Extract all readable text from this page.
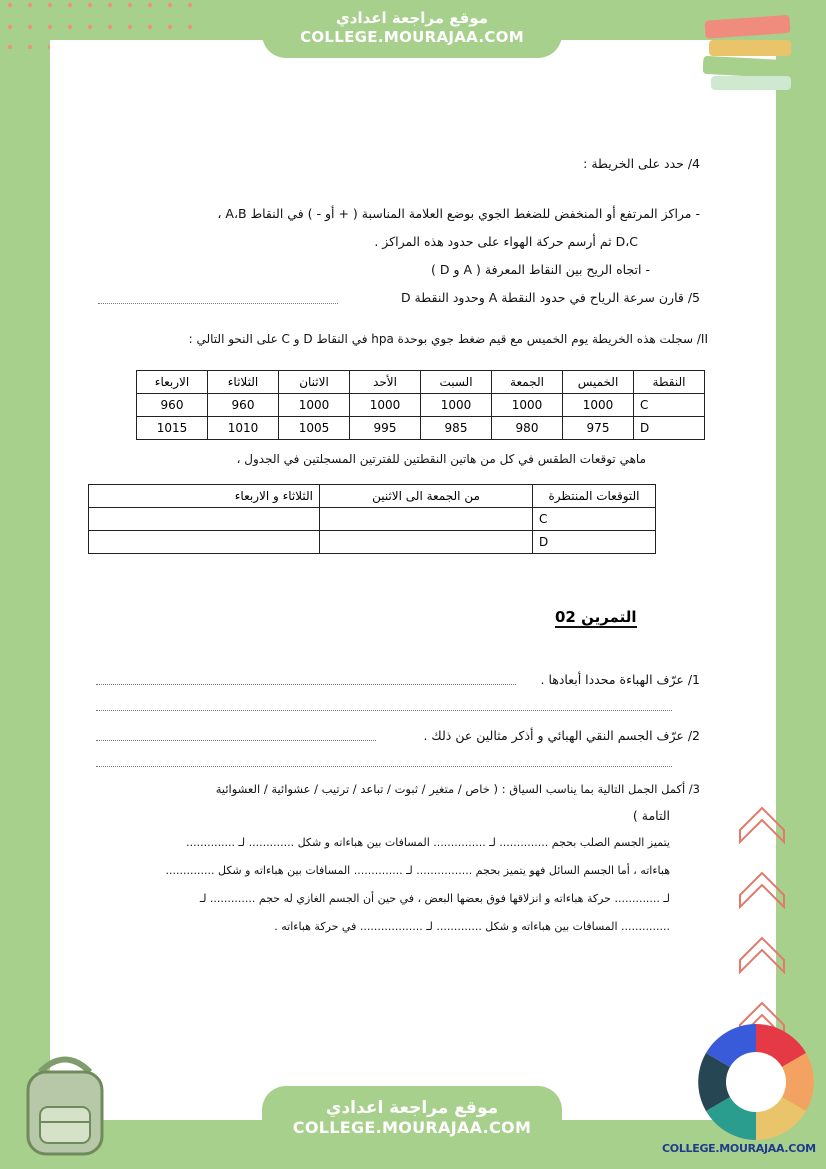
موقع مراجعة اعدادي
COLLEGE.MOURAJAA.COM
4/ حدد على الخريطة :
- مراكز المرتفع أو المنخفض للضغط الجوي بوضع العلامة المناسبة ( + أو - ) في النقاط A،B ،
D،C ثم أرسم حركة الهواء على حدود هذه المراكز .
- اتجاه الريح بين النقاط المعرفة ( A و D )
5/ قارن سرعة الرياح في حدود النقطة A وحدود النقطة D
II/ سجلت هذه الخريطة يوم الخميس مع قيم ضغط جوي بوحدة hpa في النقاط D و C على النحو التالي :
النقطة	الخميس	الجمعة	السبت	الأحد	الاثنان	الثلاثاء	الاربعاء
C	1000	1000	1000	1000	1000	960	960
D	975	980	985	995	1005	1010	1015
ماهي توقعات الطقس في كل من هاتين النقطتين للفترتين المسجلتين في الجدول ،
التوقعات المنتظرة	من الجمعة الى الاثنين	الثلاثاء و الاربعاء
C		
D		
التمرين 02
1/ عرّف الهباءة محددا أبعادها .
2/ عرّف الجسم النقي الهبائي و أذكر مثالين عن ذلك .
3/ أكمل الجمل التالية بما يناسب السياق : ( خاص / متغير / ثبوت / تباعد / ترتيب / عشوائية / العشوائية
التامة )
يتميز الجسم الصلب بحجم .............. لـ ............... المسافات بين هباءاته و شكل ............. لـ ..............
هباءاته ، أما الجسم السائل فهو يتميز بحجم ................ لـ .............. المسافات بين هباءاته و شكل ..............
لـ ............. حركة هباءاته و انزلاقها فوق بعضها البعض ، في حين أن الجسم الغازي له حجم ............. لـ
.............. المسافات بين هباءاته و شكل ............. لـ .................. في حركة هباءاته .
موقع مراجعة اعدادي
COLLEGE.MOURAJAA.COM
COLLEGE.MOURAJAA.COM
